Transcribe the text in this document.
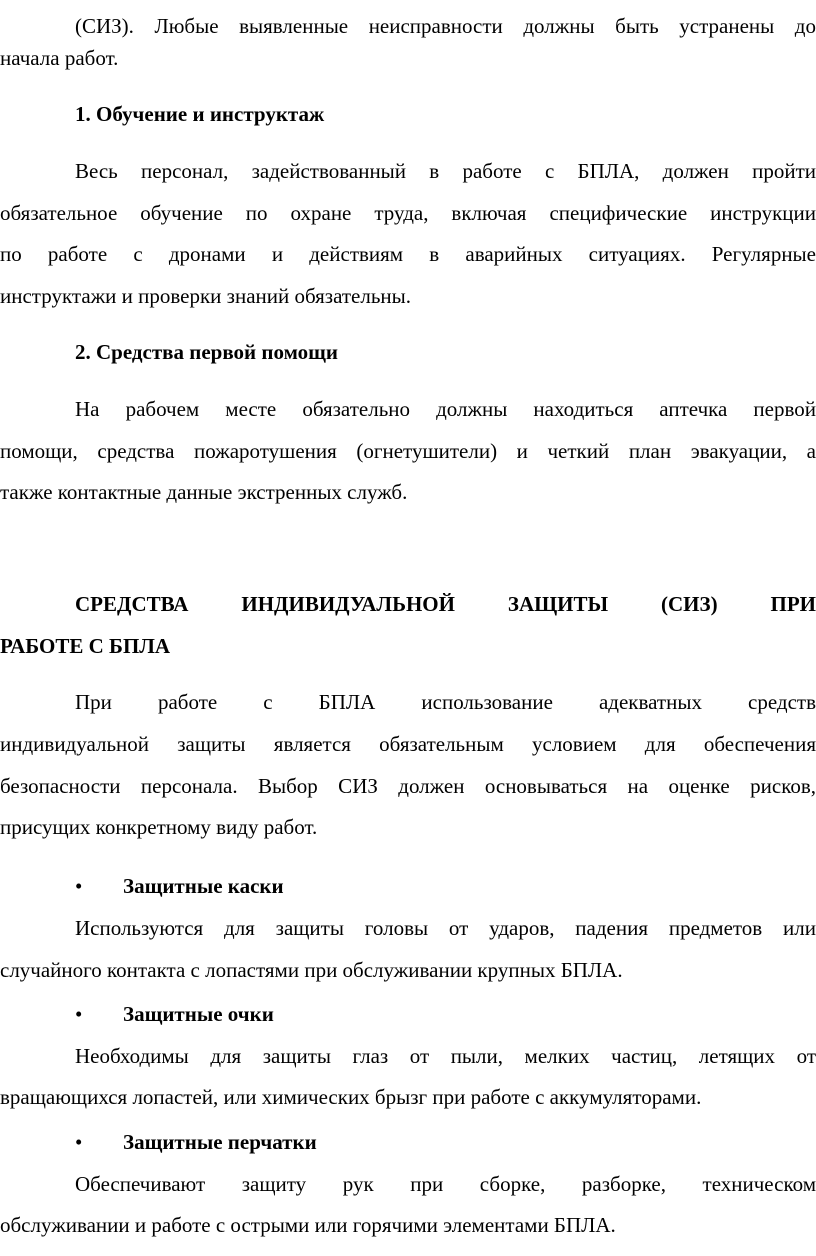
(СИЗ). Любые выявленные неисправности должны быть устранены до
начала работ.
1. Обучение и инструктаж
Весь персонал, задействованный в работе с БПЛА, должен пройти
обязательное обучение по охране труда, включая специфические инструкции
по работе с дронами и действиям в аварийных ситуациях. Регулярные
инструктажи и проверки знаний обязательны.
2. Средства первой помощи
На рабочем месте обязательно должны находиться аптечка первой
помощи, средства пожаротушения (огнетушители) и четкий план эвакуации, а
также контактные данные экстренных служб.
СРЕДСТВА ИНДИВИДУАЛЬНОЙ ЗАЩИТЫ (СИЗ) ПРИ
РАБОТЕ С БПЛА
При работе с БПЛА использование адекватных средств
индивидуальной защиты является обязательным условием для обеспечения
безопасности персонала. Выбор СИЗ должен основываться на оценке рисков,
присущих конкретному виду работ.
•	Защитные каски
Используются для защиты головы от ударов, падения предметов или
случайного контакта с лопастями при обслуживании крупных БПЛА.
•	Защитные очки
Необходимы для защиты глаз от пыли, мелких частиц, летящих от
вращающихся лопастей, или химических брызг при работе с аккумуляторами.
•	Защитные перчатки
Обеспечивают защиту рук при сборке, разборке, техническом
обслуживании и работе с острыми или горячими элементами БПЛА.
